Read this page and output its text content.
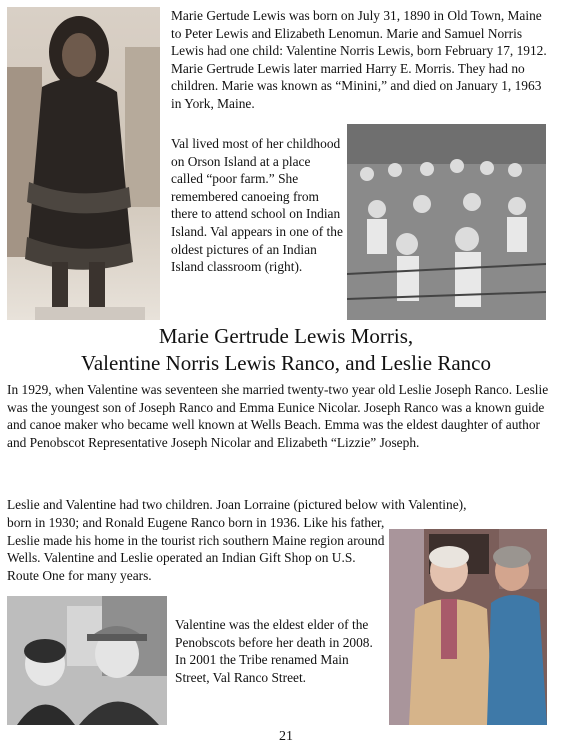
Marie Gertude Lewis was born on July 31, 1890 in Old Town, Maine to Peter Lewis and Elizabeth Lenomun. Marie and Samuel Norris Lewis had one child: Valentine Norris Lewis, born February 17, 1912. Marie Gertrude Lewis later married Harry E. Morris. They had no children. Marie was known as “Minini,” and died on January 1, 1963 in York, Maine.
Val lived most of her childhood on Orson Island at a place called “poor farm.” She remembered canoeing from there to attend school on Indian Island. Val appears in one of the oldest pictures of an Indian Island classroom (right).
Marie Gertrude Lewis Morris,
Valentine Norris Lewis Ranco, and Leslie Ranco
In 1929, when Valentine was seventeen she married twenty-two year old Leslie Joseph Ranco. Leslie was the youngest son of Joseph Ranco and Emma Eunice Nicolar. Joseph Ranco was a known guide and canoe maker who became well known at Wells Beach. Emma was the eldest daughter of author and Penobscot Representative Joseph Nicolar and Elizabeth “Lizzie” Joseph.
Leslie and Valentine had two children. Joan Lorraine (pictured below with Valentine),
born in 1930; and Ronald Eugene Ranco born in 1936. Like his father, Leslie made his home in the tourist rich southern Maine region around Wells. Valentine and Leslie operated an Indian Gift Shop on U.S. Route One for many years.
Valentine was the eldest elder of the Penobscots before her death in 2008. In 2001 the Tribe renamed Main Street, Val Ranco Street.
21
